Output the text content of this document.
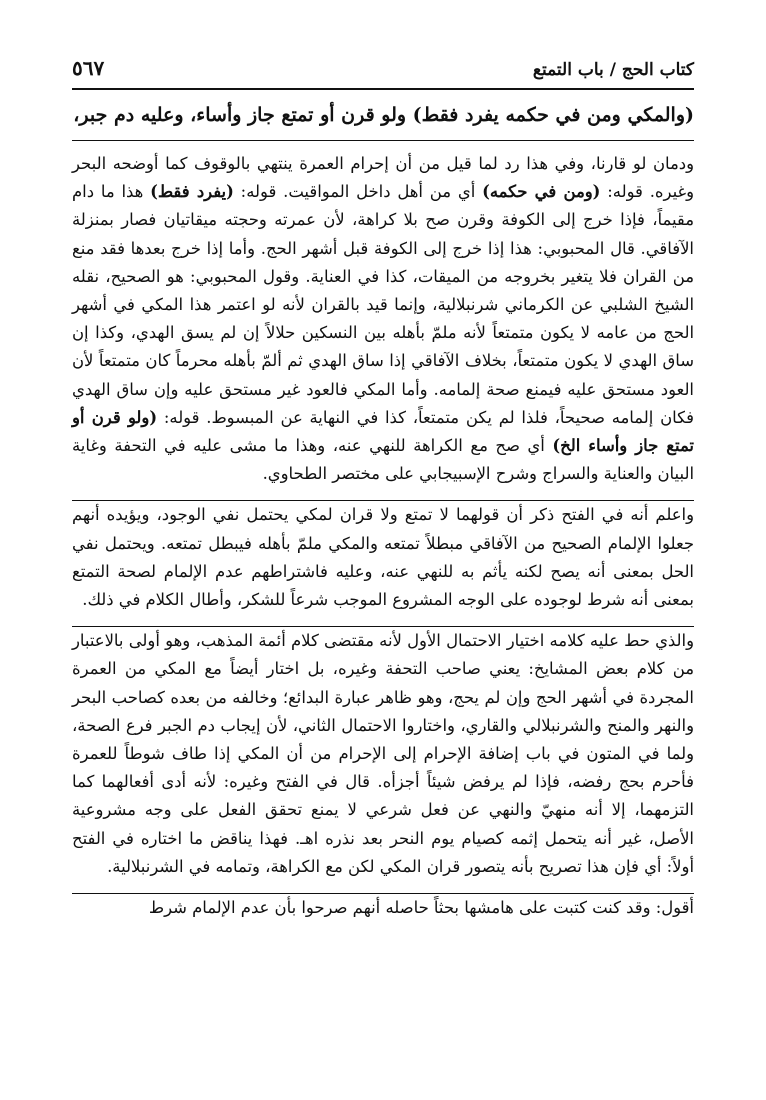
كتاب الحج / باب التمتع
٥٦٧
(والمكي ومن في حكمه يفرد فقط) ولو قرن أو تمتع جاز وأساء، وعليه دم جبر،

ودمان لو قارنا، وفي هذا رد لما قيل من أن إحرام العمرة ينتهي بالوقوف كما أوضحه البحر وغيره. قوله: (ومن في حكمه) أي من أهل داخل المواقيت. قوله: (يفرد فقط) هذا ما دام مقيماً، فإذا خرج إلى الكوفة وقرن صح بلا كراهة، لأن عمرته وحجته ميقاتيان فصار بمنزلة الآفاقي. قال المحبوبي: هذا إذا خرج إلى الكوفة قبل أشهر الحج. وأما إذا خرج بعدها فقد منع من القران فلا يتغير بخروجه من الميقات، كذا في العناية. وقول المحبوبي: هو الصحيح، نقله الشيخ الشلبي عن الكرماني شرنبلالية، وإنما قيد بالقران لأنه لو اعتمر هذا المكي في أشهر الحج من عامه لا يكون متمتعاً لأنه ملمّ بأهله بين النسكين حلالاً إن لم يسق الهدي، وكذا إن ساق الهدي لا يكون متمتعاً، بخلاف الآفاقي إذا ساق الهدي ثم ألمّ بأهله محرماً كان متمتعاً لأن العود مستحق عليه فيمنع صحة إلمامه. وأما المكي فالعود غير مستحق عليه وإن ساق الهدي فكان إلمامه صحيحاً، فلذا لم يكن متمتعاً، كذا في النهاية عن المبسوط. قوله: (ولو قرن أو تمتع جاز وأساء الخ) أي صح مع الكراهة للنهي عنه، وهذا ما مشى عليه في التحفة وغاية البيان والعناية والسراج وشرح الإسبيجابي على مختصر الطحاوي.

واعلم أنه في الفتح ذكر أن قولهما لا تمتع ولا قران لمكي يحتمل نفي الوجود، ويؤيده أنهم جعلوا الإلمام الصحيح من الآفاقي مبطلاً تمتعه والمكي ملمّ بأهله فيبطل تمتعه. ويحتمل نفي الحل بمعنى أنه يصح لكنه يأثم به للنهي عنه، وعليه فاشتراطهم عدم الإلمام لصحة التمتع بمعنى أنه شرط لوجوده على الوجه المشروع الموجب شرعاً للشكر، وأطال الكلام في ذلك.

والذي حط عليه كلامه اختيار الاحتمال الأول لأنه مقتضى كلام أئمة المذهب، وهو أولى بالاعتبار من كلام بعض المشايخ: يعني صاحب التحفة وغيره، بل اختار أيضاً مع المكي من العمرة المجردة في أشهر الحج وإن لم يحج، وهو ظاهر عبارة البدائع؛ وخالفه من بعده كصاحب البحر والنهر والمنح والشرنبلالي والقاري، واختاروا الاحتمال الثاني، لأن إيجاب دم الجبر فرع الصحة، ولما في المتون في باب إضافة الإحرام إلى الإحرام من أن المكي إذا طاف شوطاً للعمرة فأحرم بحج رفضه، فإذا لم يرفض شيئاً أجزأه. قال في الفتح وغيره: لأنه أدى أفعالهما كما التزمهما، إلا أنه منهيّ والنهي عن فعل شرعي لا يمنع تحقق الفعل على وجه مشروعية الأصل، غير أنه يتحمل إثمه كصيام يوم النحر بعد نذره اهـ. فهذا يناقض ما اختاره في الفتح أولاً: أي فإن هذا تصريح بأنه يتصور قران المكي لكن مع الكراهة، وتمامه في الشرنبلالية.

أقول: وقد كنت كتبت على هامشها بحثاً حاصله أنهم صرحوا بأن عدم الإلمام شرط
